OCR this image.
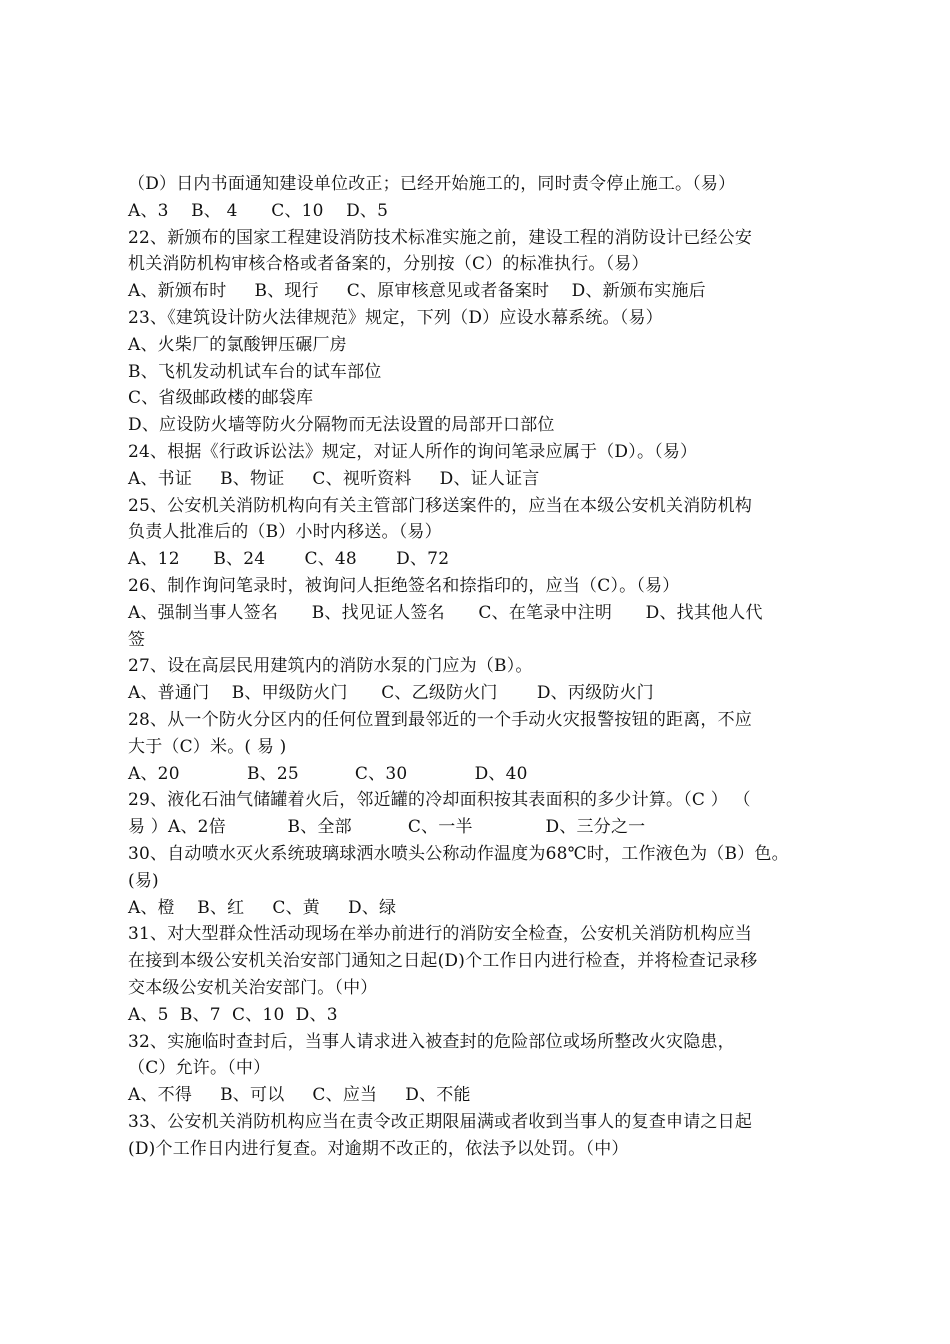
（D）日内书面通知建设单位改正；已经开始施工的，同时责令停止施工。（易）
A、3    B、 4      C、10    D、5
22、新颁布的国家工程建设消防技术标准实施之前，建设工程的消防设计已经公安
机关消防机构审核合格或者备案的，分别按（C）的标准执行。（易）
A、新颁布时     B、现行     C、原审核意见或者备案时    D、新颁布实施后
23、《建筑设计防火法律规范》规定，下列（D）应设水幕系统。（易）
A、火柴厂的氯酸钾压碾厂房
B、飞机发动机试车台的试车部位
C、省级邮政楼的邮袋库
D、应设防火墙等防火分隔物而无法设置的局部开口部位
24、根据《行政诉讼法》规定，对证人所作的询问笔录应属于（D）。（易）
A、书证     B、物证     C、视听资料     D、证人证言
25、公安机关消防机构向有关主管部门移送案件的，应当在本级公安机关消防机构
负责人批准后的（B）小时内移送。（易）
A、12      B、24       C、48       D、72
26、制作询问笔录时，被询问人拒绝签名和捺指印的，应当（C）。（易）
A、强制当事人签名      B、找见证人签名      C、在笔录中注明      D、找其他人代
签
27、设在高层民用建筑内的消防水泵的门应为（B）。
A、普通门    B、甲级防火门      C、乙级防火门       D、丙级防火门
28、从一个防火分区内的任何位置到最邻近的一个手动火灾报警按钮的距离，不应
大于（C）米。( 易 )
A、20            B、25          C、30            D、40
29、液化石油气储罐着火后，邻近罐的冷却面积按其表面积的多少计算。（C ） （
易 ）A、2倍           B、全部          C、一半             D、三分之一
30、自动喷水灭火系统玻璃球洒水喷头公称动作温度为68℃时，工作液色为（B）色。
(易)
A、橙    B、红     C、黄     D、绿
31、对大型群众性活动现场在举办前进行的消防安全检查，公安机关消防机构应当
在接到本级公安机关治安部门通知之日起(D)个工作日内进行检查，并将检查记录移
交本级公安机关治安部门。（中）
A、5  B、7  C、10  D、3
32、实施临时查封后，当事人请求进入被查封的危险部位或场所整改火灾隐患，
（C）允许。（中）
A、不得     B、可以     C、应当     D、不能
33、公安机关消防机构应当在责令改正期限届满或者收到当事人的复查申请之日起
(D)个工作日内进行复查。对逾期不改正的，依法予以处罚。（中）
